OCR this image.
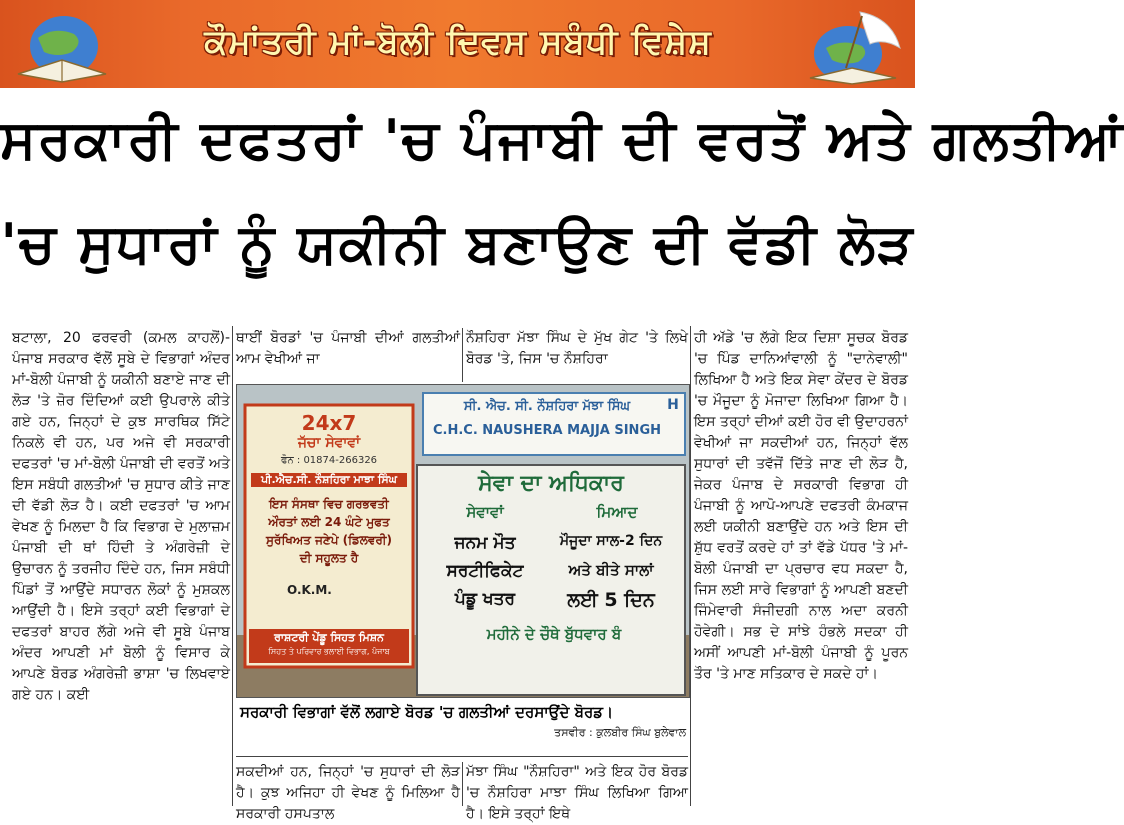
ਕੌਮਾਂਤਰੀ ਮਾਂ-ਬੋਲੀ ਦਿਵਸ ਸਬੰਧੀ ਵਿਸ਼ੇਸ਼
ਸਰਕਾਰੀ ਦਫਤਰਾਂ 'ਚ ਪੰਜਾਬੀ ਦੀ ਵਰਤੋਂ ਅਤੇ ਗਲਤੀਆਂ
'ਚ ਸੁਧਾਰਾਂ ਨੂੰ ਯਕੀਨੀ ਬਣਾਉਣ ਦੀ ਵੱਡੀ ਲੋੜ
ਬਟਾਲਾ, 20 ਫਰਵਰੀ (ਕਮਲ ਕਾਹਲੋਂ)-ਪੰਜਾਬ ਸਰਕਾਰ ਵੱਲੋਂ ਸੂਬੇ ਦੇ ਵਿਭਾਗਾਂ ਅੰਦਰ ਮਾਂ-ਬੋਲੀ ਪੰਜਾਬੀ ਨੂੰ ਯਕੀਨੀ ਬਣਾਏ ਜਾਣ ਦੀ ਲੋੜ 'ਤੇ ਜ਼ੋਰ ਦਿੰਦਿਆਂ ਕਈ ਉਪਰਾਲੇ ਕੀਤੇ ਗਏ ਹਨ, ਜਿਨ੍ਹਾਂ ਦੇ ਕੁਝ ਸਾਰਥਿਕ ਸਿੱਟੇ ਨਿਕਲੇ ਵੀ ਹਨ, ਪਰ ਅਜੇ ਵੀ ਸਰਕਾਰੀ ਦਫਤਰਾਂ 'ਚ ਮਾਂ-ਬੋਲੀ ਪੰਜਾਬੀ ਦੀ ਵਰਤੋਂ ਅਤੇ ਇਸ ਸਬੰਧੀ ਗਲਤੀਆਂ 'ਚ ਸੁਧਾਰ ਕੀਤੇ ਜਾਣ ਦੀ ਵੱਡੀ ਲੋੜ ਹੈ। ਕਈ ਦਫਤਰਾਂ 'ਚ ਆਮ ਵੇਖਣ ਨੂੰ ਮਿਲਦਾ ਹੈ ਕਿ ਵਿਭਾਗ ਦੇ ਮੁਲਾਜ਼ਮ ਪੰਜਾਬੀ ਦੀ ਥਾਂ ਹਿੰਦੀ ਤੇ ਅੰਗਰੇਜ਼ੀ ਦੇ ਉਚਾਰਨ ਨੂੰ ਤਰਜੀਹ ਦਿੰਦੇ ਹਨ, ਜਿਸ ਸਬੰਧੀ ਪਿੰਡਾਂ ਤੋਂ ਆਉਂਦੇ ਸਧਾਰਨ ਲੋਕਾਂ ਨੂੰ ਮੁਸ਼ਕਲ ਆਉਂਦੀ ਹੈ। ਇਸੇ ਤਰ੍ਹਾਂ ਕਈ ਵਿਭਾਗਾਂ ਦੇ ਦਫਤਰਾਂ ਬਾਹਰ ਲੱਗੇ ਅਜੇ ਵੀ ਸੂਬੇ ਪੰਜਾਬ ਅੰਦਰ ਆਪਣੀ ਮਾਂ ਬੋਲੀ ਨੂੰ ਵਿਸਾਰ ਕੇ ਆਪਣੇ ਬੋਰਡ ਅੰਗਰੇਜ਼ੀ ਭਾਸ਼ਾ 'ਚ ਲਿਖਵਾਏ ਗਏ ਹਨ। ਕਈ
ਥਾਈਂ ਬੋਰਡਾਂ 'ਚ ਪੰਜਾਬੀ ਦੀਆਂ ਗਲਤੀਆਂ ਆਮ ਵੇਖੀਆਂ ਜਾ
ਨੌਸ਼ਹਿਰਾ ਮੱਝਾ ਸਿੰਘ ਦੇ ਮੁੱਖ ਗੇਟ 'ਤੇ ਲਿਖੇ ਬੋਰਡ 'ਤੇ, ਜਿਸ 'ਚ ਨੌਸ਼ਹਿਰਾ
ਹੀ ਅੱਡੇ 'ਚ ਲੱਗੇ ਇਕ ਦਿਸ਼ਾ ਸੂਚਕ ਬੋਰਡ 'ਚ ਪਿੰਡ ਦਾਨਿਆਂਵਾਲੀ ਨੂੰ "ਦਾਨੇਵਾਲੀ" ਲਿਖਿਆ ਹੈ ਅਤੇ ਇਕ ਸੇਵਾ ਕੇਂਦਰ ਦੇ ਬੋਰਡ 'ਚ ਮੌਜੂਦਾ ਨੂੰ ਮੋਜਾਦਾ ਲਿਖਿਆ ਗਿਆ ਹੈ। ਇਸ ਤਰ੍ਹਾਂ ਦੀਆਂ ਕਈ ਹੋਰ ਵੀ ਉਦਾਹਰਨਾਂ ਵੇਖੀਆਂ ਜਾ ਸਕਦੀਆਂ ਹਨ, ਜਿਨ੍ਹਾਂ ਵੱਲ ਸੁਧਾਰਾਂ ਦੀ ਤਵੱਜੋਂ ਦਿੱਤੇ ਜਾਣ ਦੀ ਲੋੜ ਹੈ, ਜੇਕਰ ਪੰਜਾਬ ਦੇ ਸਰਕਾਰੀ ਵਿਭਾਗ ਹੀ ਪੰਜਾਬੀ ਨੂੰ ਆਪੋ-ਆਪਣੇ ਦਫਤਰੀ ਕੰਮਕਾਜ ਲਈ ਯਕੀਨੀ ਬਣਾਉਂਦੇ ਹਨ ਅਤੇ ਇਸ ਦੀ ਸ਼ੁੱਧ ਵਰਤੋਂ ਕਰਦੇ ਹਾਂ ਤਾਂ ਵੱਡੇ ਪੱਧਰ 'ਤੇ ਮਾਂ-ਬੋਲੀ ਪੰਜਾਬੀ ਦਾ ਪ੍ਰਚਾਰ ਵਧ ਸਕਦਾ ਹੈ, ਜਿਸ ਲਈ ਸਾਰੇ ਵਿਭਾਗਾਂ ਨੂੰ ਆਪਣੀ ਬਣਦੀ ਜਿੰਮੇਵਾਰੀ ਸੰਜੀਦਗੀ ਨਾਲ ਅਦਾ ਕਰਨੀ ਹੋਵੇਗੀ। ਸਭ ਦੇ ਸਾਂਝੇ ਹੰਭਲੇ ਸਦਕਾ ਹੀ ਅਸੀਂ ਆਪਣੀ ਮਾਂ-ਬੋਲੀ ਪੰਜਾਬੀ ਨੂੰ ਪੂਰਨ ਤੌਰ 'ਤੇ ਮਾਣ ਸਤਿਕਾਰ ਦੇ ਸਕਦੇ ਹਾਂ।
24x7
ਜੱਚਾ ਸੇਵਾਵਾਂ
ਫੋਨ : 01874-266326
ਪੀ.ਐਚ.ਸੀ. ਨੌਸ਼ਹਿਰਾ ਮਾਝਾ ਸਿੰਘ
ਇਸ ਸੰਸਥਾ ਵਿਚ ਗਰਭਵਤੀ
ਔਰਤਾਂ ਲਈ 24 ਘੰਟੇ ਮੁਫਤ
ਸੁਰੱਖਿਅਤ ਜਣੇਪੇ (ਡਿਲਵਰੀ)
ਦੀ ਸਹੂਲਤ ਹੈ
O.K.M.
ਰਾਸ਼ਟਰੀ ਪੇਂਡੂ ਸਿਹਤ ਮਿਸ਼ਨ
ਸਿਹਤ ਤੇ ਪਰਿਵਾਰ ਭਲਾਈ ਵਿਭਾਗ, ਪੰਜਾਬ
ਸੀ. ਐਚ. ਸੀ. ਨੌਸ਼ਹਿਰਾ ਮੱਝਾ ਸਿੰਘ
C.H.C. NAUSHERA MAJJA SINGH
H
ਸੇਵਾ ਦਾ ਅਧਿਕਾਰ
ਸੇਵਾਵਾਂ	ਮਿਆਦ
ਜਨਮ ਮੌਤ	ਮੌਜੂਦਾ ਸਾਲ-2 ਦਿਨ
ਸਰਟੀਫਿਕੇਟ	ਅਤੇ ਬੀਤੇ ਸਾਲਾਂ
ਪੰਡੂ ਖਤਰ	ਲਈ 5 ਦਿਨ
ਮਹੀਨੇ ਦੇ ਚੌਥੇ ਬੁੱਧਵਾਰ ਬੰ
ਸਰਕਾਰੀ ਵਿਭਾਗਾਂ ਵੱਲੋਂ ਲਗਾਏ ਬੋਰਡ 'ਚ ਗਲਤੀਆਂ ਦਰਸਾਉਂਦੇ ਬੋਰਡ।
ਤਸਵੀਰ : ਕੁਲਬੀਰ ਸਿੰਘ ਬੁਲੇਵਾਲ
ਸਕਦੀਆਂ ਹਨ, ਜਿਨ੍ਹਾਂ 'ਚ ਸੁਧਾਰਾਂ ਦੀ ਲੋੜ ਹੈ। ਕੁਝ ਅਜਿਹਾ ਹੀ ਵੇਖਣ ਨੂੰ ਮਿਲਿਆ ਹੈ ਸਰਕਾਰੀ ਹਸਪਤਾਲ
ਮੱਝਾ ਸਿੰਘ "ਨੌਸ਼ਹਿਰਾ" ਅਤੇ ਇਕ ਹੋਰ ਬੋਰਡ 'ਚ ਨੌਸ਼ਹਿਰਾ ਮਾਝਾ ਸਿੰਘ ਲਿਖਿਆ ਗਿਆ ਹੈ। ਇਸੇ ਤਰ੍ਹਾਂ ਇਥੇ
